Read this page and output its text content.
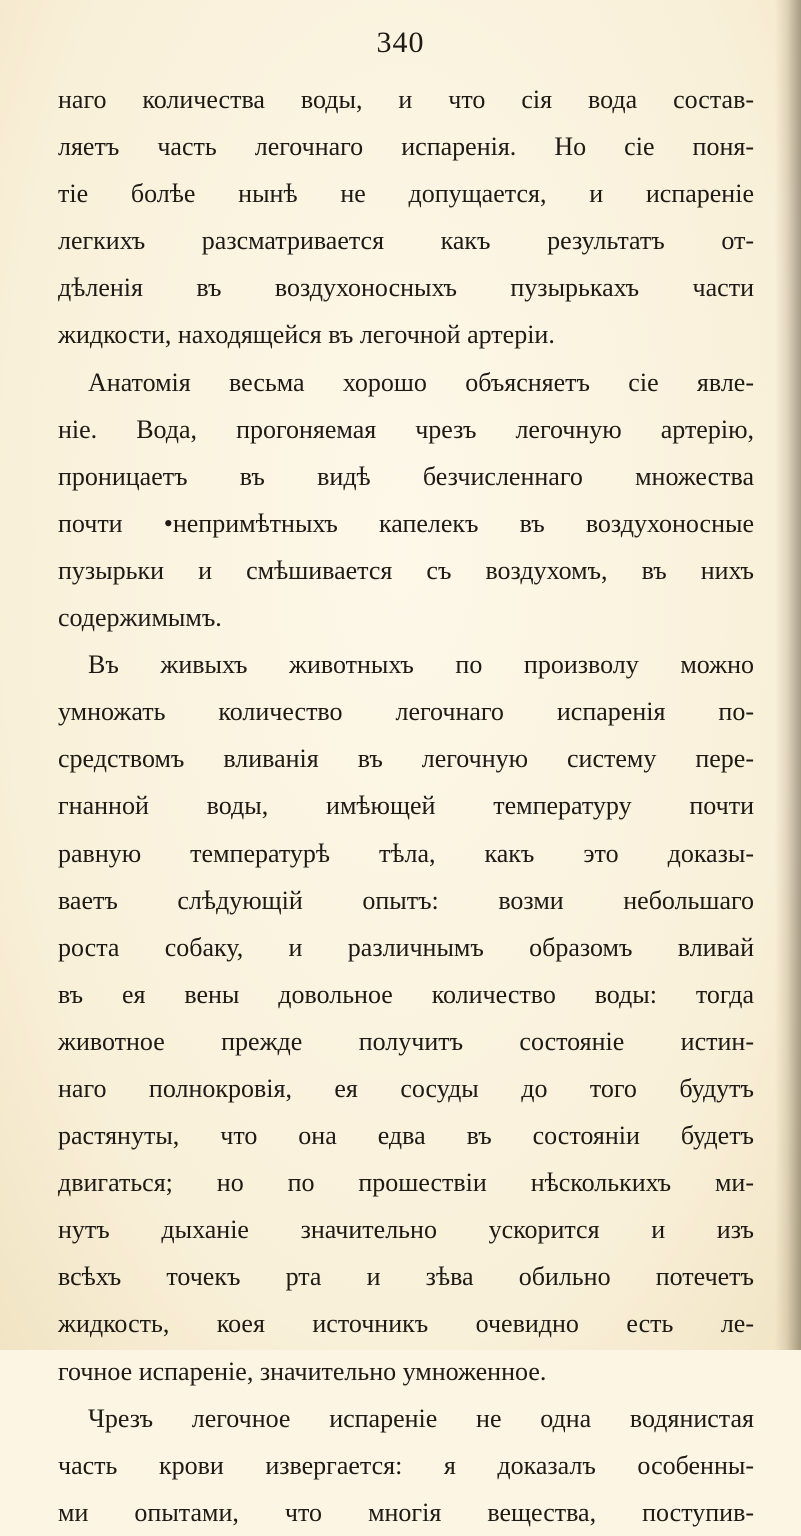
340
наго количества воды, и что сія вода состав-
ляетъ часть легочнаго испаренія. Но сіе поня-
тіе болѣе нынѣ не допущается, и испареніе
легкихъ разсматривается какъ результатъ от-
дѣленія въ воздухоносныхъ пузырькахъ части
жидкости, находящейся въ легочной артеріи.
Анатомія весьма хорошо объясняетъ сіе явле-
ніе. Вода, прогоняемая чрезъ легочную артерію,
проницаетъ въ видѣ безчисленнаго множества
почти •непримѣтныхъ капелекъ въ воздухоносные
пузырьки и смѣшивается съ воздухомъ, въ нихъ
содержимымъ.
Въ живыхъ животныхъ по произволу можно
умножать количество легочнаго испаренія по-
средствомъ вливанія въ легочную систему пере-
гнанной воды, имѣющей температуру почти
равную температурѣ тѣла, какъ это доказы-
ваетъ слѣдующій опытъ: возми небольшаго
роста собаку, и различнымъ образомъ вливай
въ ея вены довольное количество воды: тогда
животное прежде получитъ состояніе истин-
наго полнокровія, ея сосуды до того будутъ
растянуты, что она едва въ состояніи будетъ
двигаться; но по прошествіи нѣсколькихъ ми-
нутъ дыханіе значительно ускорится и изъ
всѣхъ точекъ рта и зѣва обильно потечетъ
жидкость, коея источникъ очевидно есть ле-
гочное испареніе, значительно умноженное.
Чрезъ легочное испареніе не одна водянистая
часть крови извергается: я доказалъ особенны-
ми опытами, что многія вещества, поступив-
